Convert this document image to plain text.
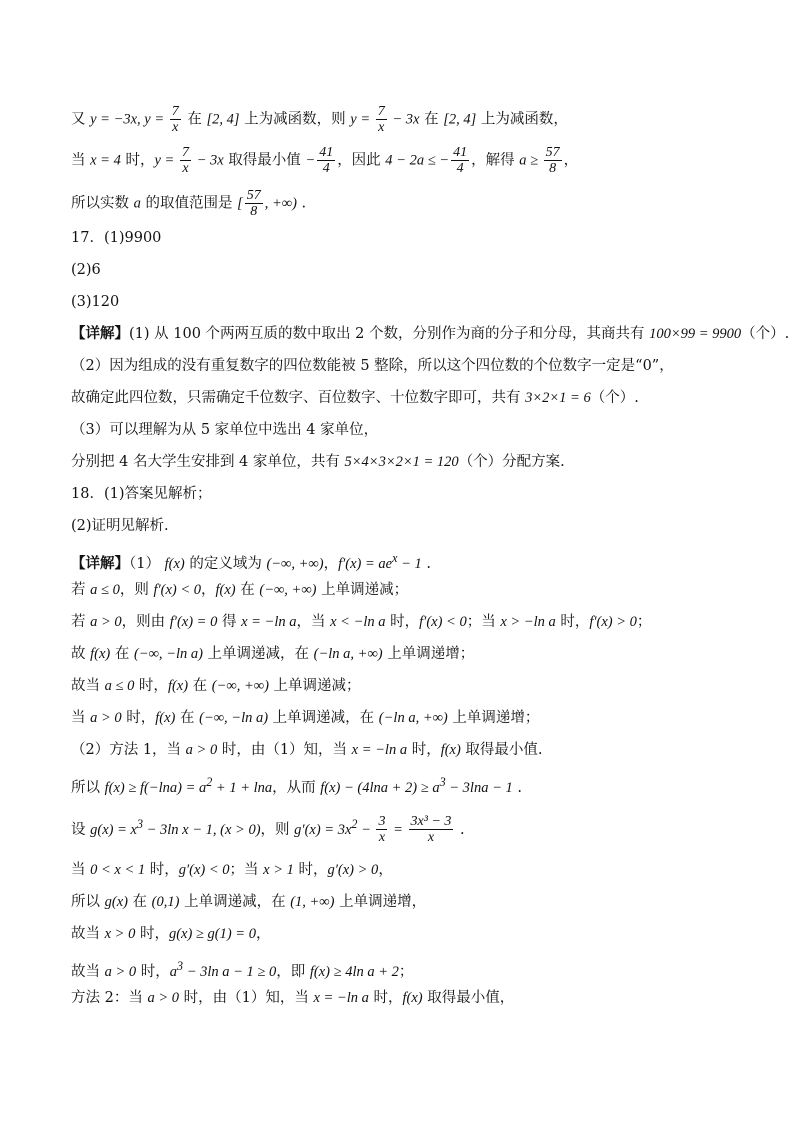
又 y = −3x, $y = \frac{7}{x}$ 在 [2, 4] 上为减函数，则 $y = \frac{7}{x} - 3x$ 在 [2, 4] 上为减函数，
当 x = 4 时，$y = \frac{7}{x} - 3x$ 取得最小值 − $\frac{41}{4}$ ，因此 4 − 2a ≤ − $\frac{41}{4}$ ，解得 $a \ge \frac{57}{8}$ ，
所以实数 a 的取值范围是 [ $\frac{57}{8}$ , +∞) .
17．(1)9900
(2)6
(3)120
【详解】(1) 从 100 个两两互质的数中取出 2 个数，分别作为商的分子和分母，其商共有 100×99 = 9900（个）.
（2）因为组成的没有重复数字的四位数能被 5 整除，所以这个四位数的个位数字一定是“0”，
故确定此四位数，只需确定千位数字、百位数字、十位数字即可，共有 3×2×1 = 6（个）.
（3）可以理解为从 5 家单位中选出 4 家单位，
分别把 4 名大学生安排到 4 家单位，共有 5×4×3×2×1 = 120（个）分配方案.
18．(1)答案见解析；
(2)证明见解析.
【详解】（1） f(x) 的定义域为 (−∞, +∞)，$f'(x) = ae^x - 1$ .
若 a ≤ 0，则 f′(x) < 0，f(x) 在 (−∞, +∞) 上单调递减；
若 a > 0，则由 f′(x) = 0 得 x = −ln a，当 x < −ln a 时，f′(x) < 0；当 x > −ln a 时，f′(x) > 0；
故 f(x) 在 (−∞, −ln a) 上单调递减，在 (−ln a, +∞) 上单调递增；
故当 a ≤ 0 时，f(x) 在 (−∞, +∞) 上单调递减；
当 a > 0 时，f(x) 在 (−∞, −ln a) 上单调递减，在 (−ln a, +∞) 上单调递增；
（2）方法 1，当 a > 0 时，由（1）知，当 x = −ln a 时，f(x) 取得最小值.
所以 $f(x) \ge f(-\ln a) = a^2 + 1 + \ln a$，从而 $f(x) - (4\ln a + 2) \ge a^3 - 3\ln a - 1$ .
设 $g(x) = x^3 - 3\ln$ x − 1, (x > 0)，则 $g'(x) = 3x^2 - \frac{3}{x} = \frac{\text{3x³ − 3}}{x}$ .
当 0 < x < 1 时，g′(x) < 0；当 x > 1 时，g′(x) > 0，
所以 g(x) 在 (0,1) 上单调递减，在 (1, +∞) 上单调递增，
故当 x > 0 时，g(x) ≥ g(1) = 0，
故当 a > 0 时，$a^3 - 3\ln$ a − 1 ≥ 0，即 f(x) ≥ 4ln a + 2；
方法 2：当 a > 0 时，由（1）知，当 x = −ln a 时，f(x) 取得最小值，
